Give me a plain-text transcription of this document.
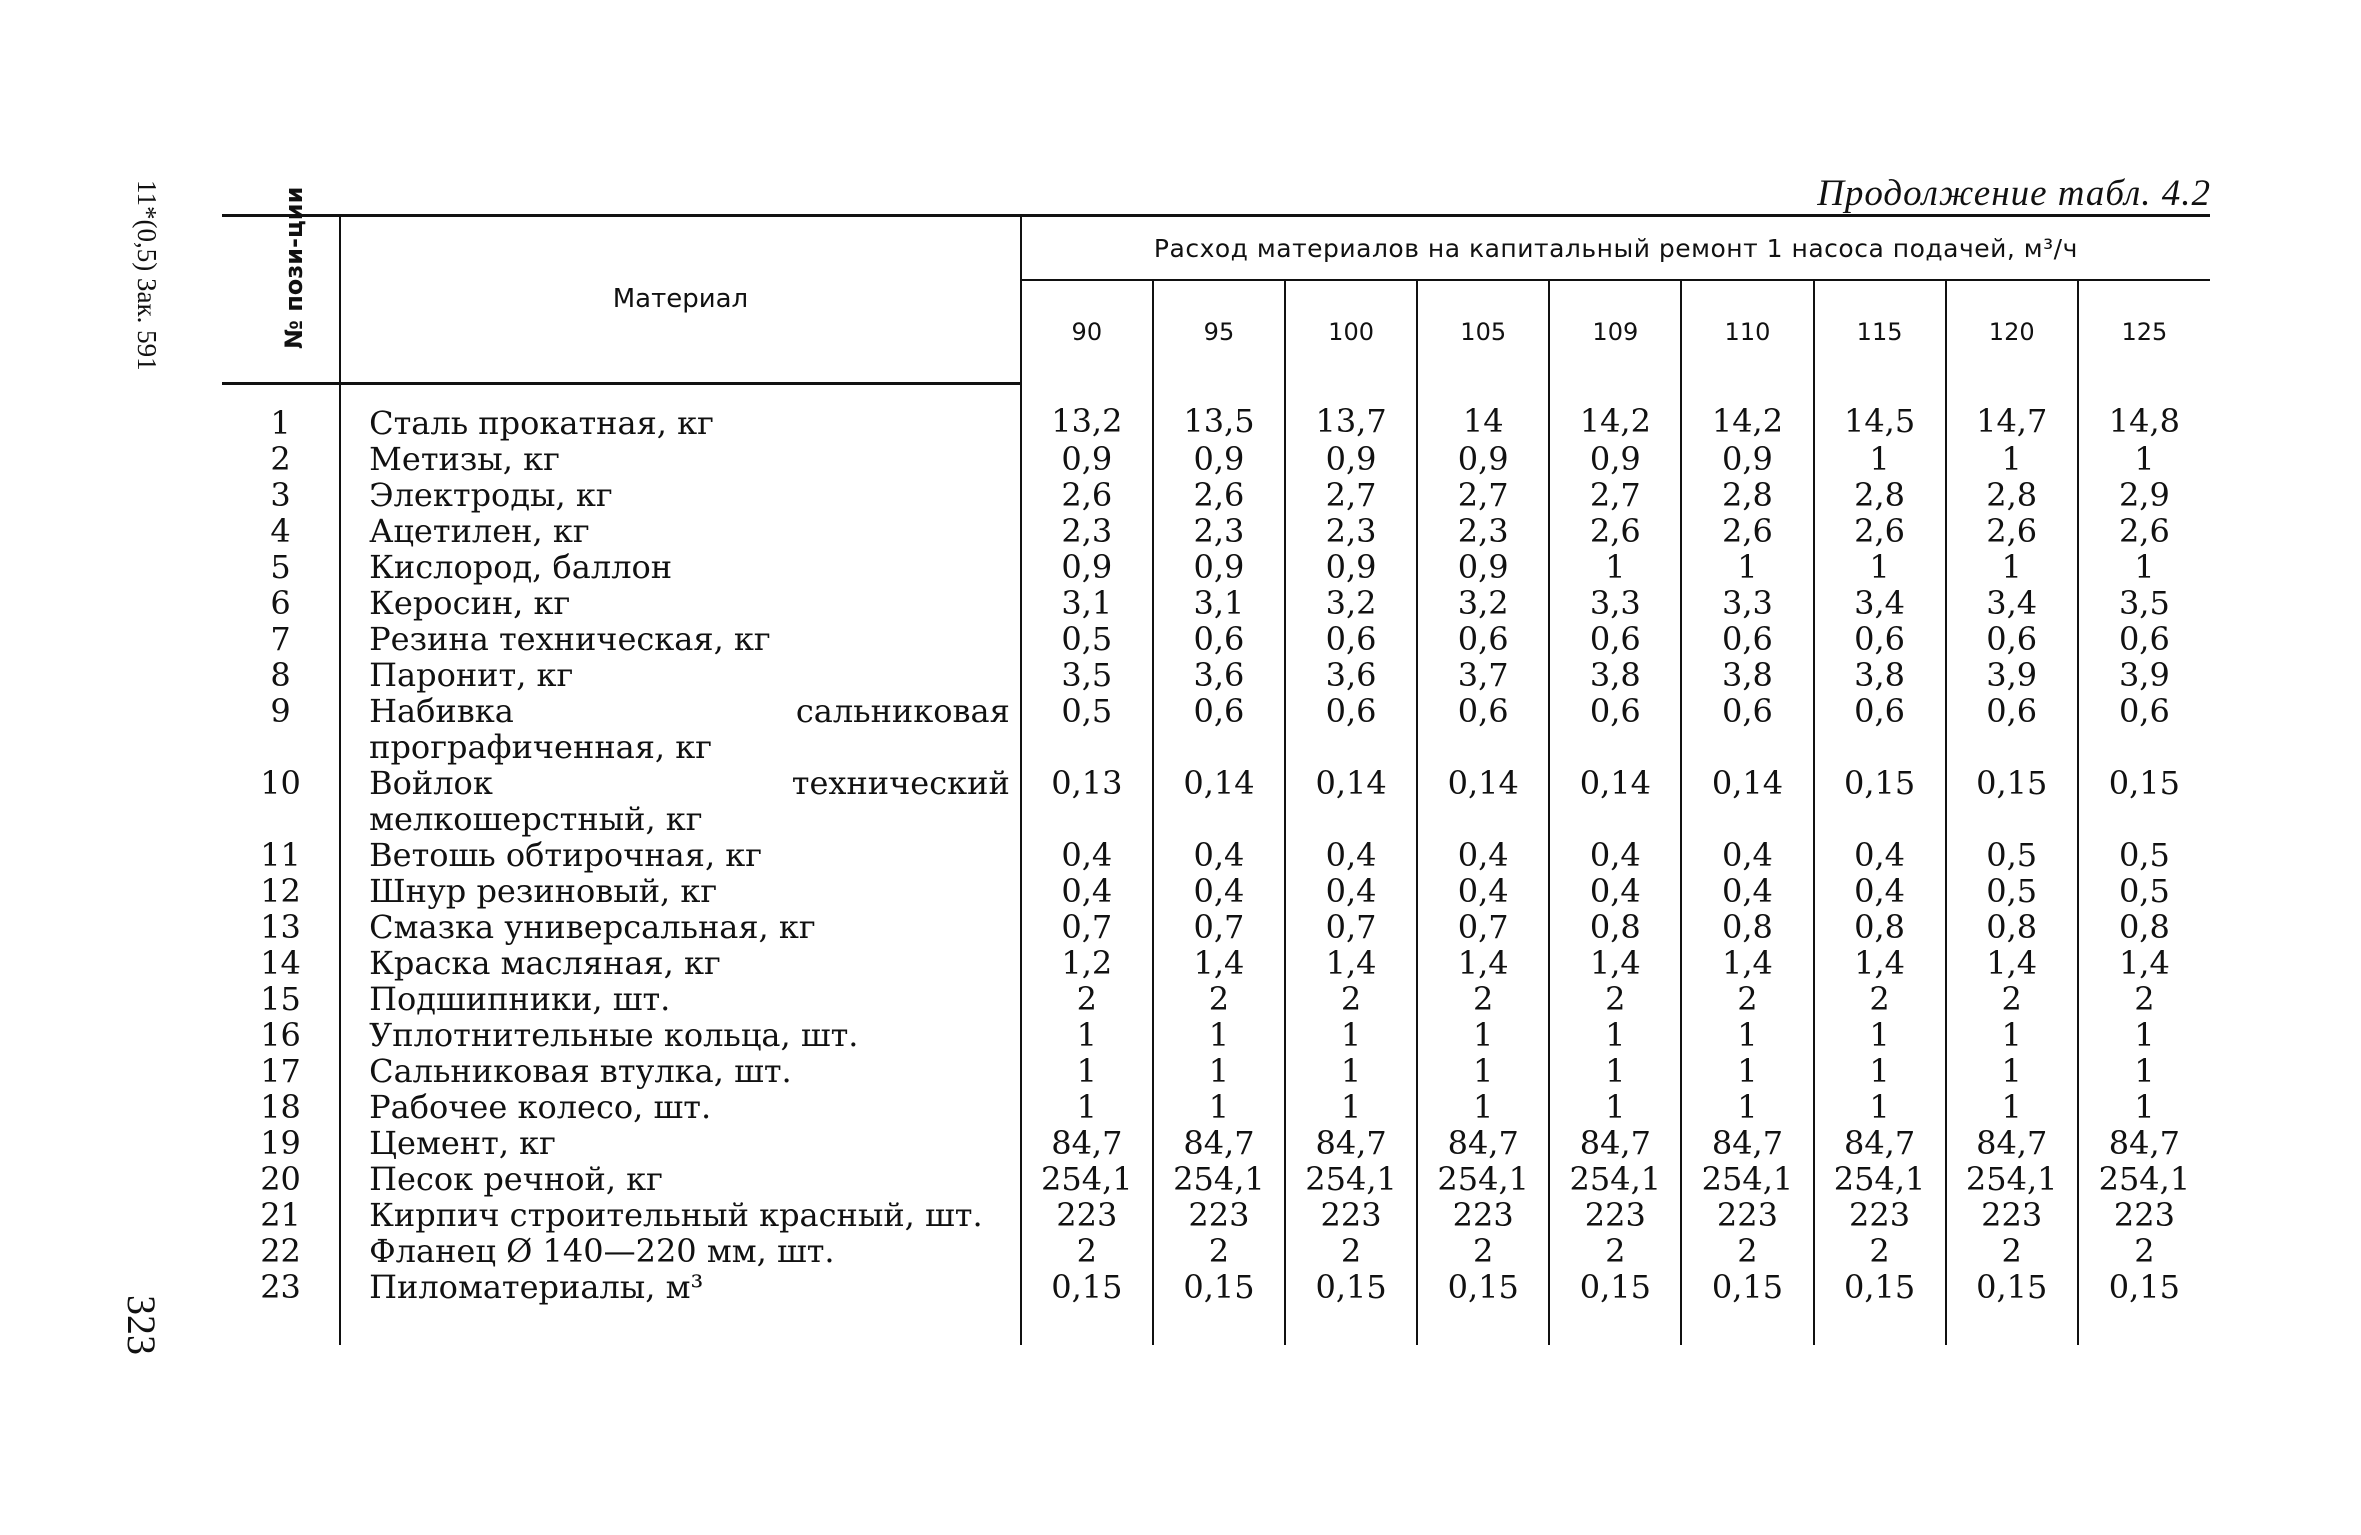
11*(0,5) Зак. 591	Продолжение табл. 4.2
№ пози-ции	Материал	Расход материалов на капитальный ремонт 1 насоса подачей, м³/ч								
		90	95	100	105	109	110	115	120	125
1	Сталь прокатная, кг	13,2	13,5	13,7	14	14,2	14,2	14,5	14,7	14,8
2	Метизы, кг	0,9	0,9	0,9	0,9	0,9	0,9	1	1	1
3	Электроды, кг	2,6	2,6	2,7	2,7	2,7	2,8	2,8	2,8	2,9
4	Ацетилен, кг	2,3	2,3	2,3	2,3	2,6	2,6	2,6	2,6	2,6
5	Кислород, баллон	0,9	0,9	0,9	0,9	1	1	1	1	1
6	Керосин, кг	3,1	3,1	3,2	3,2	3,3	3,3	3,4	3,4	3,5
7	Резина техническая, кг	0,5	0,6	0,6	0,6	0,6	0,6	0,6	0,6	0,6
8	Паронит, кг	3,5	3,6	3,6	3,7	3,8	3,8	3,8	3,9	3,9
9	Набивка сальниковая прографиченная, кг	0,5	0,6	0,6	0,6	0,6	0,6	0,6	0,6	0,6
10	Войлок технический мелкошерстный, кг	0,13	0,14	0,14	0,14	0,14	0,14	0,15	0,15	0,15
11	Ветошь обтирочная, кг	0,4	0,4	0,4	0,4	0,4	0,4	0,4	0,5	0,5
12	Шнур резиновый, кг	0,4	0,4	0,4	0,4	0,4	0,4	0,4	0,5	0,5
13	Смазка универсальная, кг	0,7	0,7	0,7	0,7	0,8	0,8	0,8	0,8	0,8
14	Краска масляная, кг	1,2	1,4	1,4	1,4	1,4	1,4	1,4	1,4	1,4
15	Подшипники, шт.	2	2	2	2	2	2	2	2	2
16	Уплотнительные кольца, шт.	1	1	1	1	1	1	1	1	1
17	Сальниковая втулка, шт.	1	1	1	1	1	1	1	1	1
18	Рабочее колесо, шт.	1	1	1	1	1	1	1	1	1
19	Цемент, кг	84,7	84,7	84,7	84,7	84,7	84,7	84,7	84,7	84,7
20	Песок речной, кг	254,1	254,1	254,1	254,1	254,1	254,1	254,1	254,1	254,1
21	Кирпич строительный красный, шт.	223	223	223	223	223	223	223	223	223
22	Фланец Ø 140—220 мм, шт.	2	2	2	2	2	2	2	2	2
23	Пиломатериалы, м³	0,15	0,15	0,15	0,15	0,15	0,15	0,15	0,15	0,15
323
